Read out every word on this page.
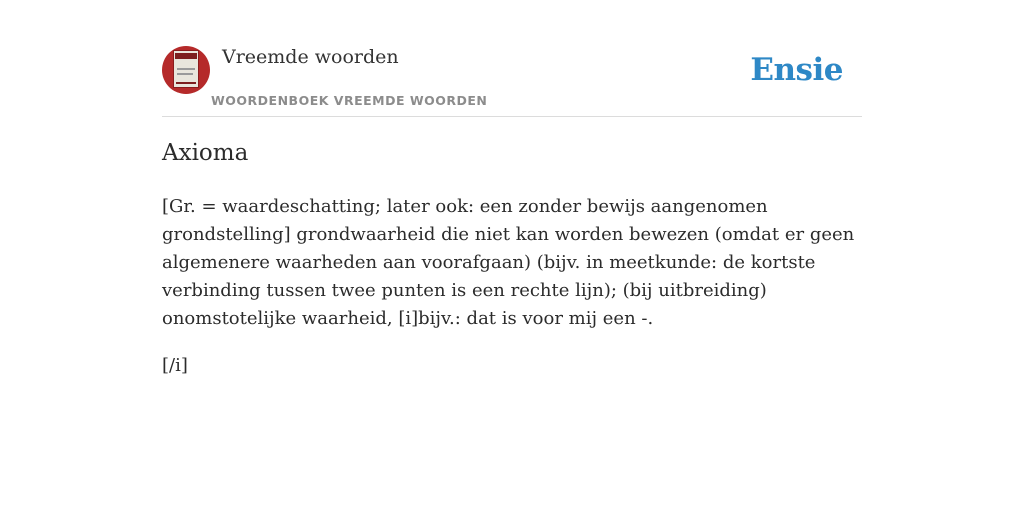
Vreemde woorden
WOORDENBOEK VREEMDE WOORDEN
Ensie
Axioma

[Gr. = waardeschatting; later ook: een zonder bewijs aangenomen grondstelling] grondwaarheid die niet kan worden bewezen (omdat er geen algemenere waarheden aan voorafgaan) (bijv. in meetkunde: de kortste verbinding tussen twee punten is een rechte lijn); (bij uitbreiding) onomstotelijke waarheid, [i]bijv.: dat is voor mij een -.

[/i]
